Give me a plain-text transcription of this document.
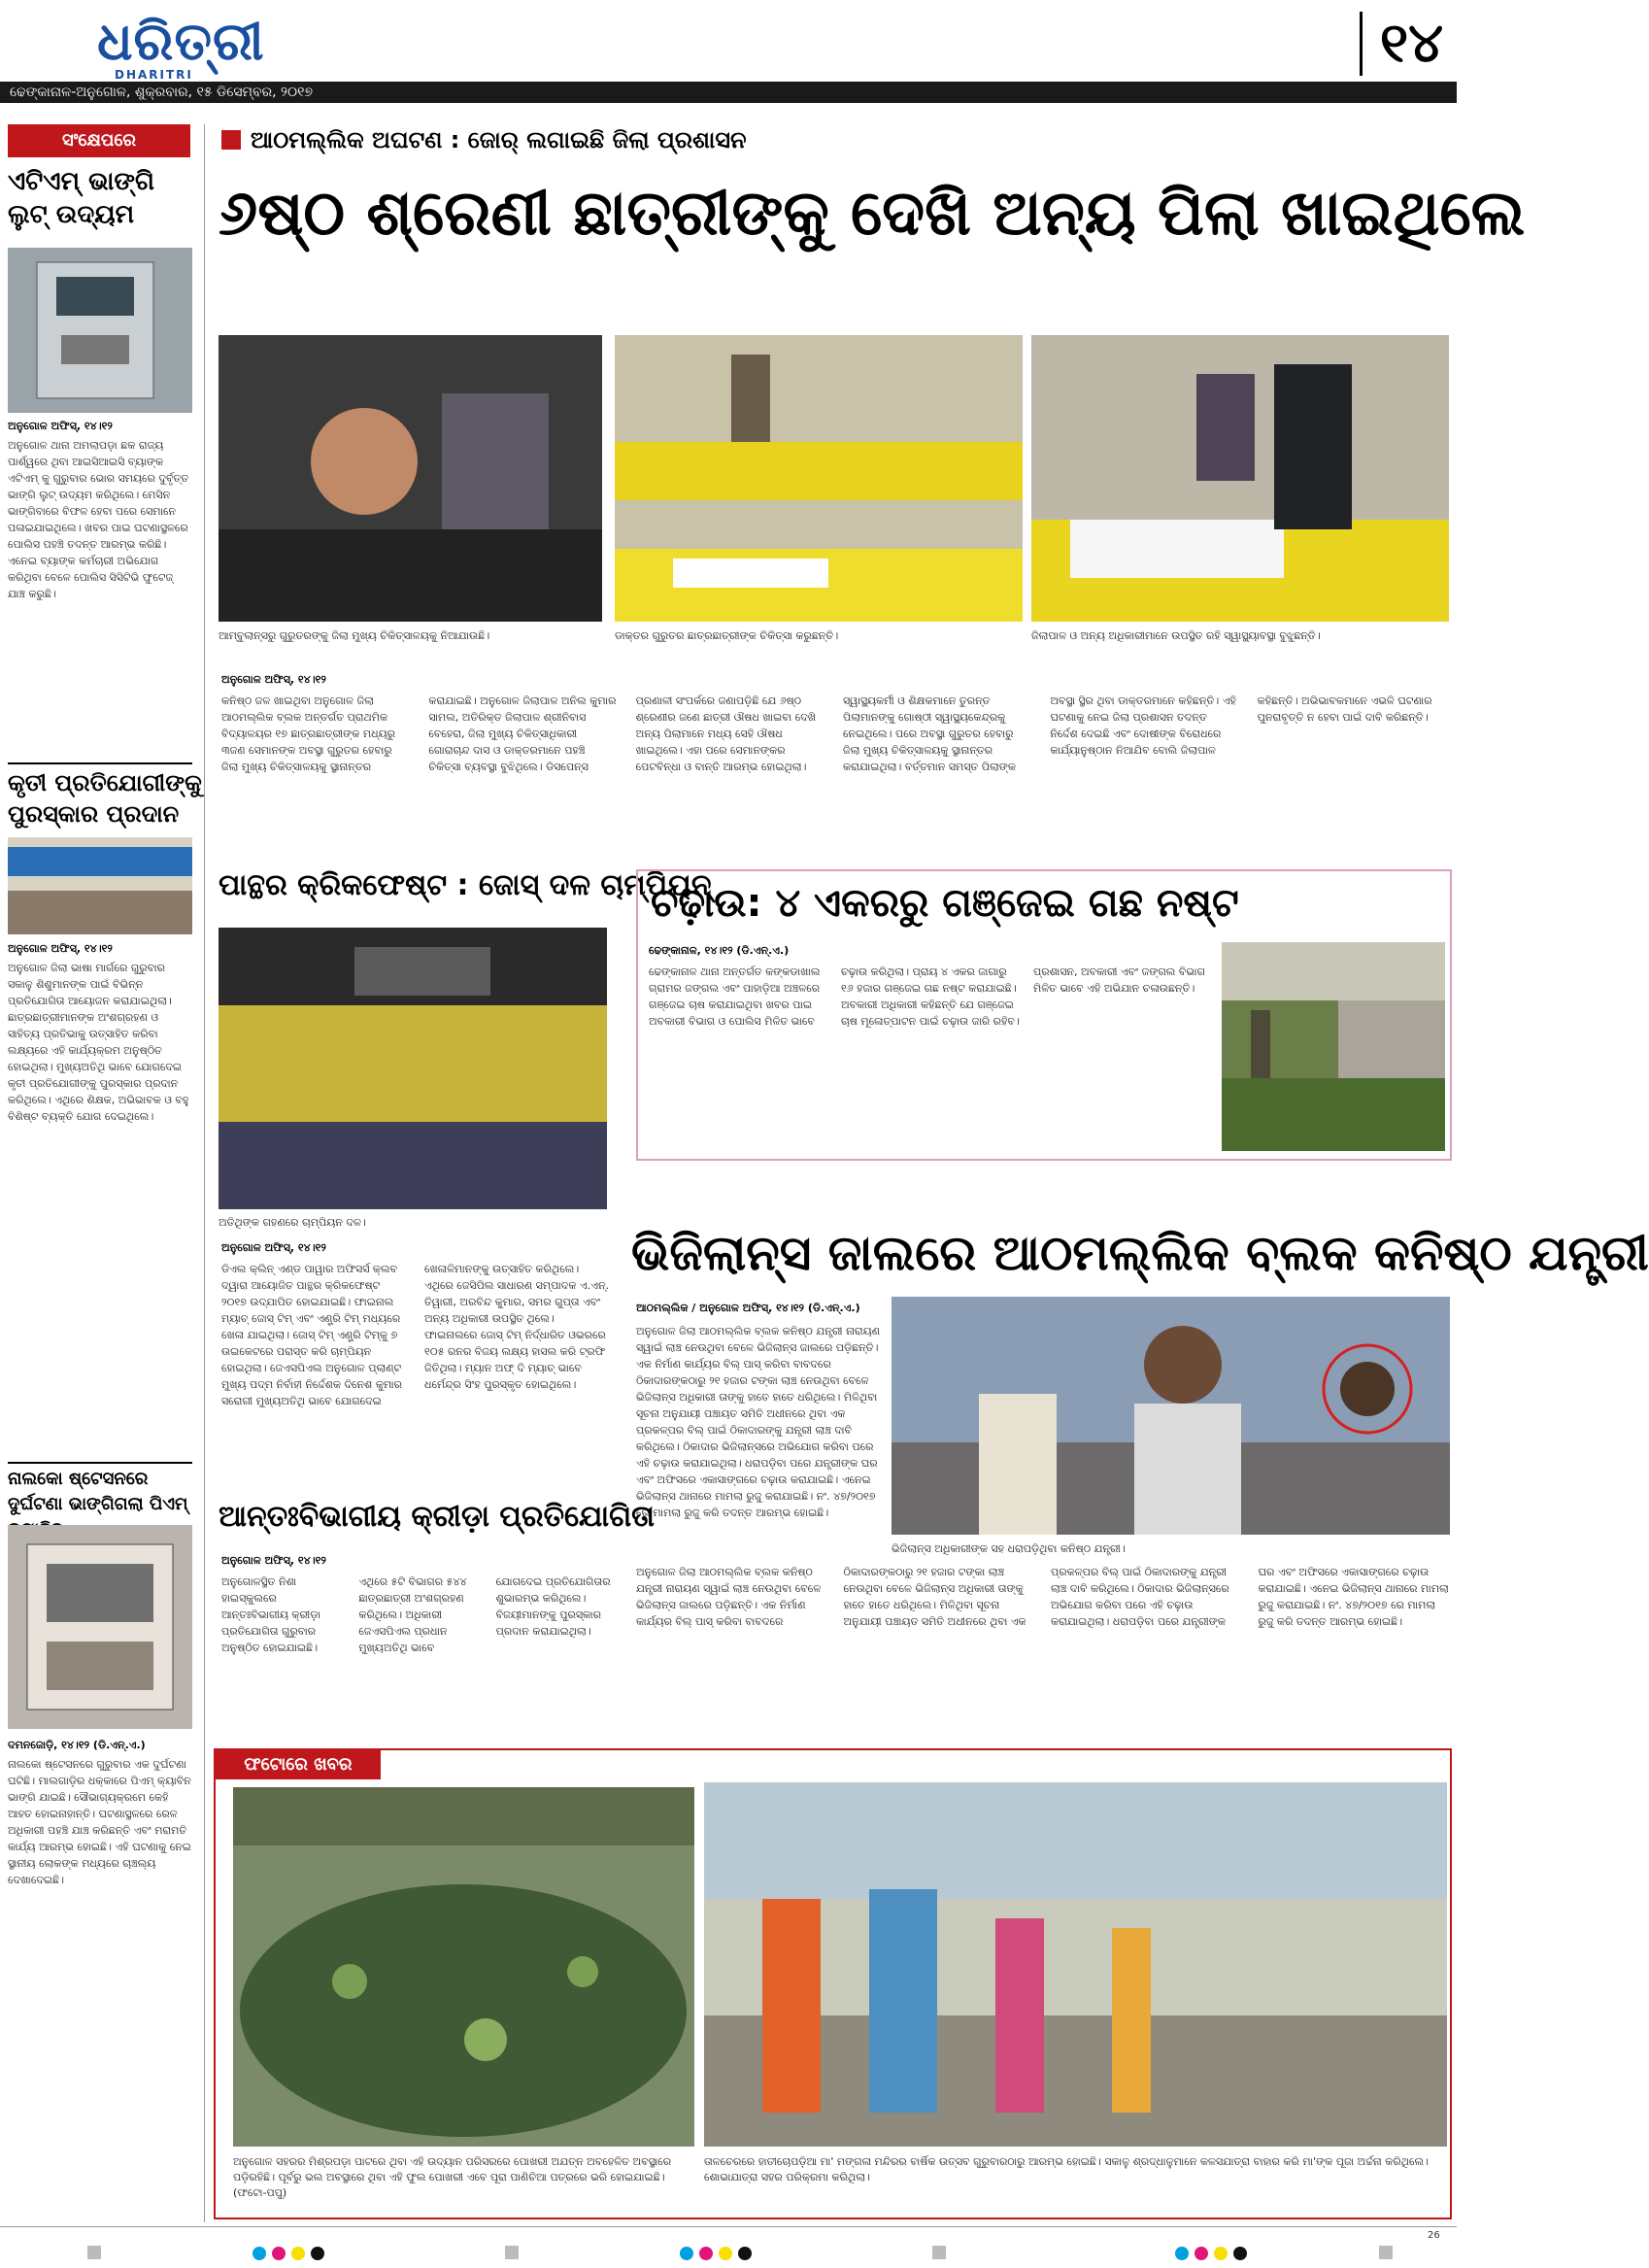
ଧରିତ୍ରୀ
DHARITRI	୧୪
ଢେଙ୍କାନାଳ-ଅନୁଗୋଳ, ଶୁକ୍ରବାର, ୧୫ ଡିସେମ୍ବର, ୨୦୧୭
ସଂକ୍ଷେପରେ
ଏଟିଏମ୍ ଭାଙ୍ଗି ଲୁଟ୍ ଉଦ୍ୟମ
ଅନୁଗୋଳ ଅଫିସ୍, ୧୪।୧୨
ଅନୁଗୋଳ ଥାନା ଅମଲାପଡ଼ା ଛକ ରାଜ୍ୟ ପାର୍ଶ୍ୱରେ ଥିବା ଆଇସିଆଇସି ବ୍ୟାଙ୍କ ଏଟିଏମ୍ କୁ ଗୁରୁବାର ଭୋର ସମୟରେ ଦୁର୍ବୃତ୍ତ ଭାଙ୍ଗି ଲୁଟ୍ ଉଦ୍ୟମ କରିଥିଲେ। ମେସିନ ଭାଙ୍ଗିବାରେ ବିଫଳ ହେବା ପରେ ସେମାନେ ପଳାଇଯାଇଥିଲେ। ଖବର ପାଇ ଘଟଣାସ୍ଥଳରେ ପୋଲିସ ପହଞ୍ଚି ତଦନ୍ତ ଆରମ୍ଭ କରିଛି। ଏନେଇ ବ୍ୟାଙ୍କ କର୍ମଚାରୀ ଅଭିଯୋଗ କରିଥିବା ବେଳେ ପୋଲିସ ସିସିଟିଭି ଫୁଟେଜ୍ ଯାଞ୍ଚ କରୁଛି।
କୃତୀ ପ୍ରତିଯୋଗୀଙ୍କୁ ପୁରସ୍କାର ପ୍ରଦାନ
ଅନୁଗୋଳ ଅଫିସ୍, ୧୪।୧୨
ଅନୁଗୋଳ ଜିଲା ଭାଷା ମାର୍ଗରେ ଗୁରୁବାର ସକାଳୁ ଶିଶୁମାନଙ୍କ ପାଇଁ ବିଭିନ୍ନ ପ୍ରତିଯୋଗିତା ଆୟୋଜନ କରାଯାଇଥିଲା। ଛାତ୍ରଛାତ୍ରୀମାନଙ୍କ ଅଂଶଗ୍ରହଣ ଓ ସାହିତ୍ୟ ପ୍ରତିଭାକୁ ଉତ୍ସାହିତ କରିବା ଲକ୍ଷ୍ୟରେ ଏହି କାର୍ଯ୍ୟକ୍ରମ ଅନୁଷ୍ଠିତ ହୋଇଥିଲା। ମୁଖ୍ୟଅତିଥି ଭାବେ ଯୋଗଦେଇ କୃତୀ ପ୍ରତିଯୋଗୀଙ୍କୁ ପୁରସ୍କାର ପ୍ରଦାନ କରିଥିଲେ। ଏଥିରେ ଶିକ୍ଷକ, ଅଭିଭାବକ ଓ ବହୁ ବିଶିଷ୍ଟ ବ୍ୟକ୍ତି ଯୋଗ ଦେଇଥିଲେ।
ନାଲକୋ ଷ୍ଟେସନରେ ଦୁର୍ଘଟଣା ଭାଙ୍ଗିଗଲା ପିଏମ୍
ଦମନଜୋଡ଼ି, ୧୪।୧୨ (ଡି.ଏନ୍.ଏ.)
ନାଲକୋ ଷ୍ଟେସନରେ ଗୁରୁବାର ଏକ ଦୁର୍ଘଟଣା ଘଟିଛି। ମାଲଗାଡ଼ିର ଧକ୍କାରେ ପିଏମ୍ କ୍ୟାବିନ ଭାଙ୍ଗି ଯାଇଛି। ସୌଭାଗ୍ୟକ୍ରମେ କେହି ଆହତ ହୋଇନାହାନ୍ତି। ଘଟଣାସ୍ଥଳରେ ରେଳ ଅଧିକାରୀ ପହଞ୍ଚି ଯାଞ୍ଚ କରିଛନ୍ତି ଏବଂ ମରାମତି କାର୍ଯ୍ୟ ଆରମ୍ଭ ହୋଇଛି। ଏହି ଘଟଣାକୁ ନେଇ ସ୍ଥାନୀୟ ଲୋକଙ୍କ ମଧ୍ୟରେ ଚାଞ୍ଚଲ୍ୟ ଦେଖାଦେଇଛି।
ଆଠମଲ୍ଲିକ ଅଘଟଣ : ଜୋର୍ ଲଗାଇଛି ଜିଲା ପ୍ରଶାସନ
୬ଷ୍ଠ ଶ୍ରେଣୀ ଛାତ୍ରୀଙ୍କୁ ଦେଖି ଅନ୍ୟ ପିଲା ଖାଇଥିଲେ
ଆମ୍ବୁଲାନ୍ସରୁ ଗୁରୁତରଙ୍କୁ ଜିଲା ମୁଖ୍ୟ ଚିକିତ୍ସାଳୟକୁ ନିଆଯାଉଛି।	ଡାକ୍ତର ଗୁରୁତର ଛାତ୍ରଛାତ୍ରୀଙ୍କ ଚିକିତ୍ସା କରୁଛନ୍ତି।	ଜିଲାପାଳ ଓ ଅନ୍ୟ ଅଧିକାରୀମାନେ ଉପସ୍ଥିତ ରହି ସ୍ୱାସ୍ଥ୍ୟାବସ୍ଥା ବୁଝୁଛନ୍ତି।
ଅନୁଗୋଳ ଅଫିସ୍, ୧୪।୧୨
କନିଷ୍ଠ ଜଳ ଖାଇଥିବା ଅନୁଗୋଳ ଜିଲା ଆଠମଲ୍ଲିକ ବ୍ଲକ ଅନ୍ତର୍ଗତ ପ୍ରାଥମିକ ବିଦ୍ୟାଳୟର ୧୭ ଛାତ୍ରଛାତ୍ରୀଙ୍କ ମଧ୍ୟରୁ ୩ଜଣ ସେମାନଙ୍କ ଅବସ୍ଥା ଗୁରୁତର ହେବାରୁ ଜିଲା ମୁଖ୍ୟ ଚିକିତ୍ସାଳୟକୁ ସ୍ଥାନାନ୍ତର କରାଯାଇଛି। ଅନୁଗୋଳ ଜିଲାପାଳ ଅନିଲ କୁମାର ସାମଲ, ଅତିରିକ୍ତ ଜିଲାପାଳ ଶ୍ରୀନିବାସ ବେହେରା, ଜିଲା ମୁଖ୍ୟ ଚିକିତ୍ସାଧିକାରୀ ଗୋରାଚାନ୍ଦ ଦାସ ଓ ଡାକ୍ତରମାନେ ପହଞ୍ଚି ଚିକିତ୍ସା ବ୍ୟବସ୍ଥା ବୁଝିଥିଲେ। ଡିସପେନ୍ସ ପ୍ରଣାଳୀ ସଂପର୍କରେ ଜଣାପଡ଼ିଛି ଯେ ୬ଷ୍ଠ ଶ୍ରେଣୀର ଜଣେ ଛାତ୍ରୀ ଔଷଧ ଖାଇବା ଦେଖି ଅନ୍ୟ ପିଲାମାନେ ମଧ୍ୟ ସେହି ଔଷଧ ଖାଇଥିଲେ। ଏହା ପରେ ସେମାନଙ୍କର ପେଟବିନ୍ଧା ଓ ବାନ୍ତି ଆରମ୍ଭ ହୋଇଥିଲା। ସ୍ୱାସ୍ଥ୍ୟକର୍ମୀ ଓ ଶିକ୍ଷକମାନେ ତୁରନ୍ତ ପିଲାମାନଙ୍କୁ ଗୋଷ୍ଠୀ ସ୍ୱାସ୍ଥ୍ୟକେନ୍ଦ୍ରକୁ ନେଇଥିଲେ। ପରେ ଅବସ୍ଥା ଗୁରୁତର ହେବାରୁ ଜିଲା ମୁଖ୍ୟ ଚିକିତ୍ସାଳୟକୁ ସ୍ଥାନାନ୍ତର କରାଯାଇଥିଲା। ବର୍ତ୍ତମାନ ସମସ୍ତ ପିଲାଙ୍କ ଅବସ୍ଥା ସ୍ଥିର ଥିବା ଡାକ୍ତରମାନେ କହିଛନ୍ତି। ଏହି ଘଟଣାକୁ ନେଇ ଜିଲା ପ୍ରଶାସନ ତଦନ୍ତ ନିର୍ଦ୍ଦେଶ ଦେଇଛି ଏବଂ ଦୋଷୀଙ୍କ ବିରୋଧରେ କାର୍ଯ୍ୟାନୁଷ୍ଠାନ ନିଆଯିବ ବୋଲି ଜିଲାପାଳ କହିଛନ୍ତି। ଅଭିଭାବକମାନେ ଏଭଳି ଘଟଣାର ପୁନରାବୃତ୍ତି ନ ହେବା ପାଇଁ ଦାବି କରିଛନ୍ତି।
ପାନ୍ଥର କ୍ରିକଫେଷ୍ଟ : ଜୋସ୍ ଦଳ ଚାମ୍ପିୟନ୍
ଅତିଥିଙ୍କ ଗହଣରେ ଚାମ୍ପିୟନ ଦଳ।
ଅନୁଗୋଳ ଅଫିସ୍, ୧୪।୧୨
ଡିଏଲ କ୍ଲିନ୍ ଏଣ୍ଡ ପାୱାର ଅଫିସର୍ସ କ୍ଲବ ଦ୍ୱାରା ଆୟୋଜିତ ପାନ୍ଥର କ୍ରିକଫେଷ୍ଟ ୨୦୧୭ ଉଦ୍‌ଯାପିତ ହୋଇଯାଇଛି। ଫାଇନାଲ ମ୍ୟାଚ୍ ଜୋସ୍ ଟିମ୍ ଏବଂ ଏଣ୍ଟ୍ରି ଟିମ୍ ମଧ୍ୟରେ ଖେଳା ଯାଇଥିଲା। ଜୋସ୍ ଟିମ୍ ଏଣ୍ଟ୍ରି ଟିମ୍କୁ ୭ ଉଇକେଟରେ ପରାସ୍ତ କରି ଚାମ୍ପିୟନ ହୋଇଥିଲା। ଜେଏସପିଏଲ ଅନୁଗୋଳ ପ୍ଲାଣ୍ଟ ମୁଖ୍ୟ ପଦ୍ମ ନିର୍ବାହୀ ନିର୍ଦ୍ଦେଶକ ଦିନେଶ କୁମାର ସରୋଗୀ ମୁଖ୍ୟଅତିଥି ଭାବେ ଯୋଗଦେଇ ଖେଳାଳିମାନଙ୍କୁ ଉତ୍ସାହିତ କରିଥିଲେ। ଏଥିରେ ଜେସିପିଲ ସାଧାରଣ ସମ୍ପାଦକ ଏ.ଏନ୍. ତିୱାରୀ, ଅରବିନ୍ଦ କୁମାର, ସମର ଗୁପ୍ତା ଏବଂ ଅନ୍ୟ ଅଧିକାରୀ ଉପସ୍ଥିତ ଥିଲେ। ଫାଇନାଲରେ ଜୋସ୍ ଟିମ୍ ନିର୍ଦ୍ଧାରିତ ଓଭରରେ ୧୦୫ ରନର ବିଜୟ ଲକ୍ଷ୍ୟ ହାସଲ କରି ଟ୍ରଫି ଜିତିଥିଲା। ମ୍ୟାନ ଅଫ୍ ଦି ମ୍ୟାଚ୍ ଭାବେ ଧର୍ମେନ୍ଦ୍ର ସିଂହ ପୁରସ୍କୃତ ହୋଇଥିଲେ।
ଚଢ଼ାଉ: ୪ ଏକରରୁ ଗଞ୍ଜେଇ ଗଛ ନଷ୍ଟ
ଢେଙ୍କାନାଳ, ୧୪।୧୨ (ଡି.ଏନ୍.ଏ.)
ଢେଙ୍କାନାଳ ଥାନା ଅନ୍ତର୍ଗତ କଙ୍କଡାଖାଲ ଗ୍ରାମର ଜଙ୍ଗଲ ଏବଂ ପାହାଡ଼ିଆ ଅଞ୍ଚଳରେ ଗଞ୍ଜେଇ ଚାଷ କରାଯାଇଥିବା ଖବର ପାଇ ଅବକାରୀ ବିଭାଗ ଓ ପୋଲିସ ମିଳିତ ଭାବେ ଚଢ଼ାଉ କରିଥିଲା। ପ୍ରାୟ ୪ ଏକର ଜାଗାରୁ ୧୬ ହଜାର ଗଞ୍ଜେଇ ଗଛ ନଷ୍ଟ କରାଯାଇଛି। ଅବକାରୀ ଅଧିକାରୀ କହିଛନ୍ତି ଯେ ଗଞ୍ଜେଇ ଚାଷ ମୂଳୋତ୍ପାଟନ ପାଇଁ ଚଢ଼ାଉ ଜାରି ରହିବ। ପ୍ରଶାସନ, ଅବକାରୀ ଏବଂ ଜଙ୍ଗଲ ବିଭାଗ ମିଳିତ ଭାବେ ଏହି ଅଭିଯାନ ଚଳାଉଛନ୍ତି।
ଭିଜିଲାନ୍ସ ଜାଲରେ ଆଠମଲ୍ଲିକ ବ୍ଲକ କନିଷ୍ଠ ଯନ୍ତ୍ରୀ
ଆଠମଲ୍ଲିକ / ଅନୁଗୋଳ ଅଫିସ୍, ୧୪।୧୨ (ଡି.ଏନ୍.ଏ.)
ଅନୁଗୋଳ ଜିଲା ଆଠମଲ୍ଲିକ ବ୍ଲକ କନିଷ୍ଠ ଯନ୍ତ୍ରୀ ନାରାୟଣ ସ୍ୱାଇଁ ଲାଞ୍ଚ ନେଉଥିବା ବେଳେ ଭିଜିଲାନ୍ସ ଜାଲରେ ପଡ଼ିଛନ୍ତି। ଏକ ନିର୍ମାଣ କାର୍ଯ୍ୟର ବିଲ୍ ପାସ୍ କରିବା ବାବଦରେ ଠିକାଦାରଙ୍କଠାରୁ ୨୧ ହଜାର ଟଙ୍କା ଲାଞ୍ଚ ନେଉଥିବା ବେଳେ ଭିଜିଲାନ୍ସ ଅଧିକାରୀ ତାଙ୍କୁ ହାତେ ହାତେ ଧରିଥିଲେ। ମିଳିଥିବା ସୂଚନା ଅନୁଯାୟୀ ପଞ୍ଚାୟତ ସମିତି ଅଧୀନରେ ଥିବା ଏକ ପ୍ରକଳ୍ପର ବିଲ୍ ପାଇଁ ଠିକାଦାରଙ୍କୁ ଯନ୍ତ୍ରୀ ଲାଞ୍ଚ ଦାବି କରିଥିଲେ। ଠିକାଦାର ଭିଜିଲାନ୍ସରେ ଅଭିଯୋଗ କରିବା ପରେ ଏହି ଚଢ଼ାଉ କରାଯାଇଥିଲା। ଧରାପଡ଼ିବା ପରେ ଯନ୍ତ୍ରୀଙ୍କ ଘର ଏବଂ ଅଫିସରେ ଏକାସାଙ୍ଗରେ ଚଢ଼ାଉ କରାଯାଇଛି। ଏନେଇ ଭିଜିଲାନ୍ସ ଥାନାରେ ମାମଲା ରୁଜୁ କରାଯାଇଛି। ନଂ. ୪୭/୨୦୧୭ ରେ ମାମଲା ରୁଜୁ କରି ତଦନ୍ତ ଆରମ୍ଭ ହୋଇଛି।
ଭିଜିଲାନ୍ସ ଅଧିକାରୀଙ୍କ ସହ ଧରାପଡ଼ିଥିବା କନିଷ୍ଠ ଯନ୍ତ୍ରୀ।
ଅନୁଗୋଳ ଜିଲା ଆଠମଲ୍ଲିକ ବ୍ଲକ କନିଷ୍ଠ ଯନ୍ତ୍ରୀ ନାରାୟଣ ସ୍ୱାଇଁ ଲାଞ୍ଚ ନେଉଥିବା ବେଳେ ଭିଜିଲାନ୍ସ ଜାଲରେ ପଡ଼ିଛନ୍ତି। ଏକ ନିର୍ମାଣ କାର୍ଯ୍ୟର ବିଲ୍ ପାସ୍ କରିବା ବାବଦରେ ଠିକାଦାରଙ୍କଠାରୁ ୨୧ ହଜାର ଟଙ୍କା ଲାଞ୍ଚ ନେଉଥିବା ବେଳେ ଭିଜିଲାନ୍ସ ଅଧିକାରୀ ତାଙ୍କୁ ହାତେ ହାତେ ଧରିଥିଲେ। ମିଳିଥିବା ସୂଚନା ଅନୁଯାୟୀ ପଞ୍ଚାୟତ ସମିତି ଅଧୀନରେ ଥିବା ଏକ ପ୍ରକଳ୍ପର ବିଲ୍ ପାଇଁ ଠିକାଦାରଙ୍କୁ ଯନ୍ତ୍ରୀ ଲାଞ୍ଚ ଦାବି କରିଥିଲେ। ଠିକାଦାର ଭିଜିଲାନ୍ସରେ ଅଭିଯୋଗ କରିବା ପରେ ଏହି ଚଢ଼ାଉ କରାଯାଇଥିଲା। ଧରାପଡ଼ିବା ପରେ ଯନ୍ତ୍ରୀଙ୍କ ଘର ଏବଂ ଅଫିସରେ ଏକାସାଙ୍ଗରେ ଚଢ଼ାଉ କରାଯାଇଛି। ଏନେଇ ଭିଜିଲାନ୍ସ ଥାନାରେ ମାମଲା ରୁଜୁ କରାଯାଇଛି। ନଂ. ୪୭/୨୦୧୭ ରେ ମାମଲା ରୁଜୁ କରି ତଦନ୍ତ ଆରମ୍ଭ ହୋଇଛି।
ଆନ୍ତଃବିଭାଗୀୟ କ୍ରୀଡ଼ା ପ୍ରତିଯୋଗିତା
ଅନୁଗୋଳ ଅଫିସ୍, ୧୪।୧୨
ଅନୁଗୋଳସ୍ଥିତ ନିଶା ହାଇସ୍କୁଲରେ ଆନ୍ତଃବିଭାଗୀୟ କ୍ରୀଡ଼ା ପ୍ରତିଯୋଗିତା ଗୁରୁବାର ଅନୁଷ୍ଠିତ ହୋଇଯାଇଛି। ଏଥିରେ ୫ଟି ବିଭାଗର ୫୪୪ ଛାତ୍ରଛାତ୍ରୀ ଅଂଶଗ୍ରହଣ କରିଥିଲେ। ଅଧିକାରୀ ଜେଏସପିଏଲ ପ୍ରଧାନ ମୁଖ୍ୟଅତିଥି ଭାବେ ଯୋଗଦେଇ ପ୍ରତିଯୋଗିତାର ଶୁଭାରମ୍ଭ କରିଥିଲେ। ବିଜୟୀମାନଙ୍କୁ ପୁରସ୍କାର ପ୍ରଦାନ କରାଯାଇଥିଲା।
ଫଟୋରେ ଖବର
ଅନୁଗୋଳ ସହରର ମିଶ୍ରପଡ଼ା ପାଟରେ ଥିବା ଏହି ଉଦ୍ୟାନ ପରିସରରେ ପୋଖରୀ ଅଯତ୍ନ ଅବହେଳିତ ଅବସ୍ଥାରେ ପଡ଼ିରହିଛି। ପୂର୍ବରୁ ଭଲ ଅବସ୍ଥାରେ ଥିବା ଏହି ଫୁଲ ପୋଖରୀ ଏବେ ପୂରା ପାଣିଚିଆ ପତ୍ରରେ ଭରି ହୋଇଯାଇଛି। (ଫଟୋ-ପପୁ)
ତାଳଚେରରେ ହାତୀଚୋପଡ଼ିଆ ମା' ମଙ୍ଗଳା ମନ୍ଦିରର ବାର୍ଷିକ ଉତ୍ସବ ଗୁରୁବାରଠାରୁ ଆରମ୍ଭ ହୋଇଛି। ସକାଳୁ ଶ୍ରଦ୍ଧାଳୁମାନେ କଳସଯାତ୍ରା ବାହାର କରି ମା'ଙ୍କ ପୂଜା ଅର୍ଚ୍ଚନା କରିଥିଲେ। ଶୋଭାଯାତ୍ରା ସହର ପରିକ୍ରମା କରିଥିଲା।
26
